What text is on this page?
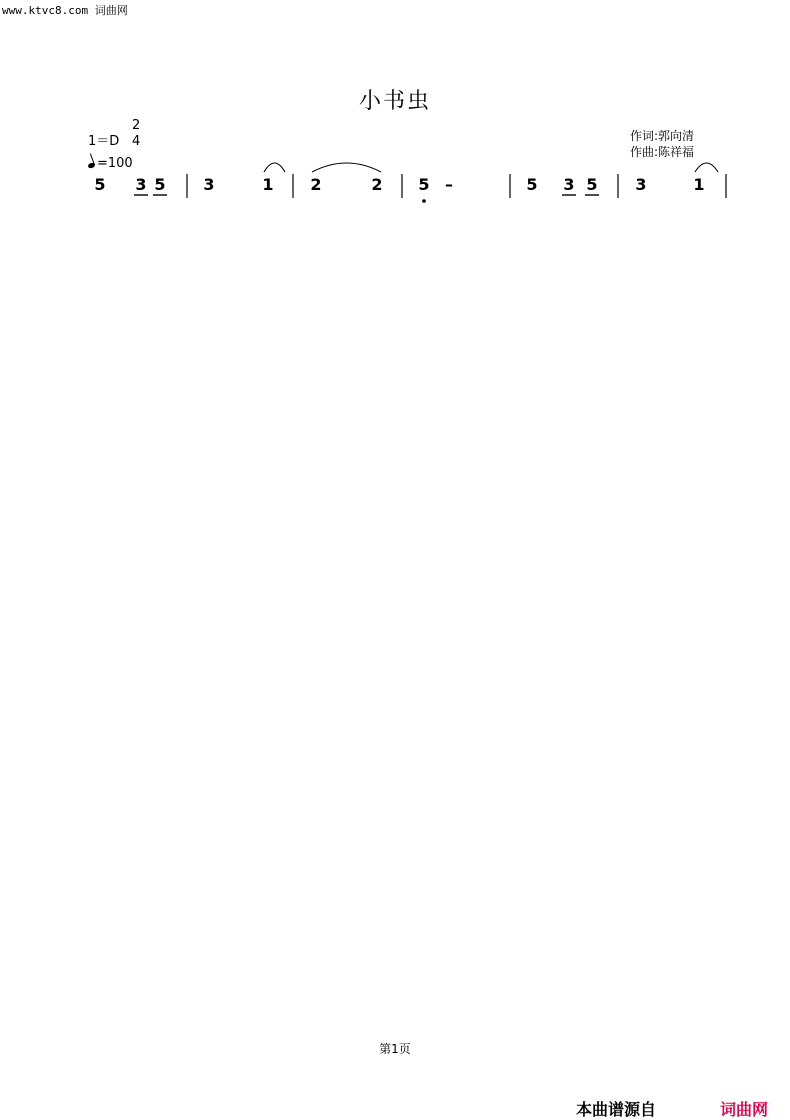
www.ktvc8.com 词曲网
小书虫
1＝D
2
4
=100
作词:郭向清
作曲:陈祥福
5 3 5 3	1 2	2 5 –	5 3 5 3	1
第1页
本曲谱源自	词曲网
